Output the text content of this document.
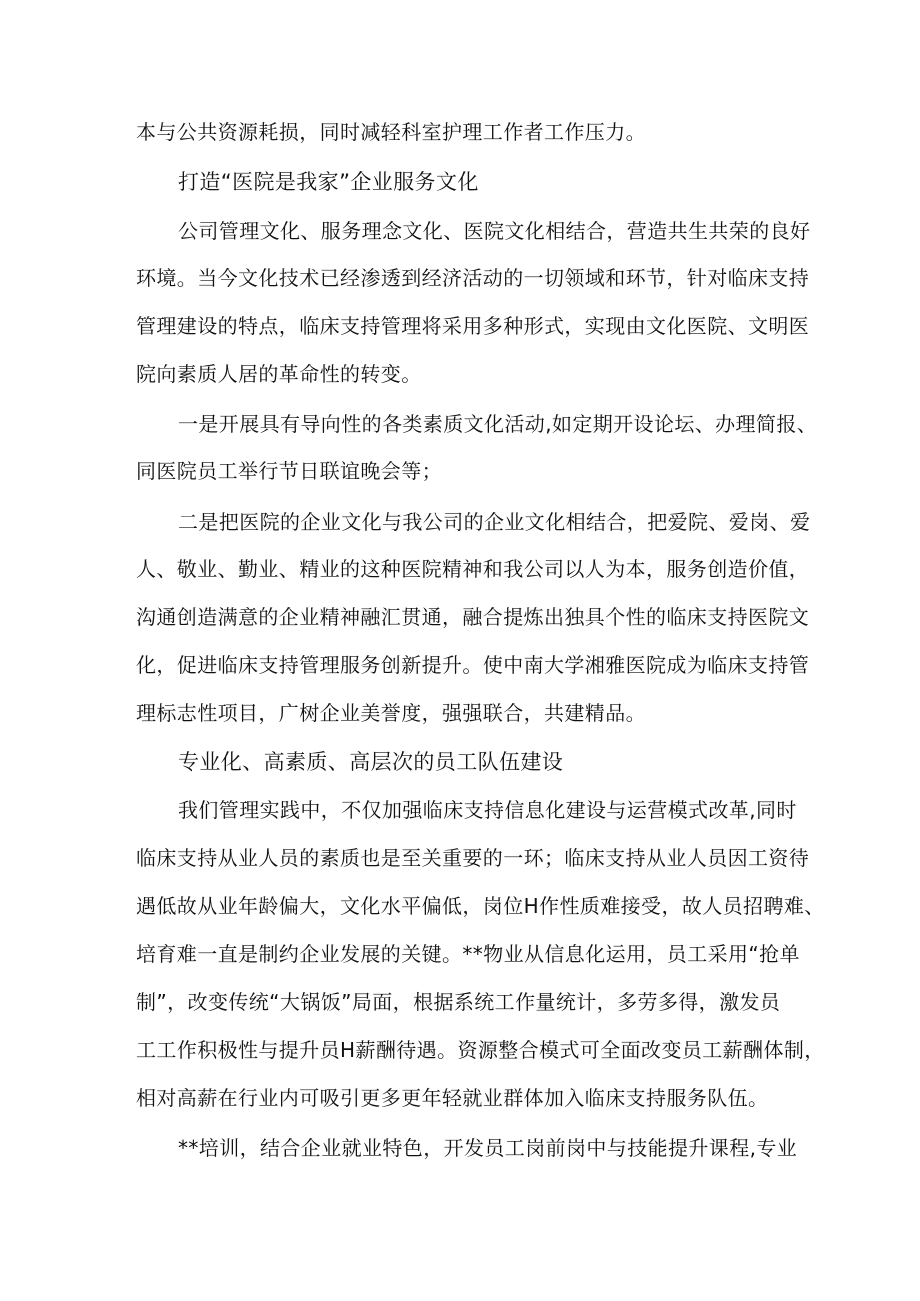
本与公共资源耗损，同时减轻科室护理工作者工作压力。
打造“医院是我家”企业服务文化
公司管理文化、服务理念文化、医院文化相结合，营造共生共荣的良好
环境。当今文化技术已经渗透到经济活动的一切领域和环节，针对临床支持
管理建设的特点，临床支持管理将采用多种形式，实现由文化医院、文明医
院向素质人居的革命性的转变。
一是开展具有导向性的各类素质文化活动,如定期开设论坛、办理简报、
同医院员工举行节日联谊晚会等；
二是把医院的企业文化与我公司的企业文化相结合，把爱院、爱岗、爱
人、敬业、勤业、精业的这种医院精神和我公司以人为本，服务创造价值，
沟通创造满意的企业精神融汇贯通，融合提炼出独具个性的临床支持医院文
化，促进临床支持管理服务创新提升。使中南大学湘雅医院成为临床支持管
理标志性项目，广树企业美誉度，强强联合，共建精品。
专业化、高素质、高层次的员工队伍建设
我们管理实践中，不仅加强临床支持信息化建设与运营模式改革,同时
临床支持从业人员的素质也是至关重要的一环；临床支持从业人员因工资待
遇低故从业年龄偏大，文化水平偏低，岗位H作性质难接受，故人员招聘难、
培育难一直是制约企业发展的关键。**物业从信息化运用，员工采用“抢单
制”，改变传统“大锅饭”局面，根据系统工作量统计，多劳多得，激发员
工工作积极性与提升员H薪酬待遇。资源整合模式可全面改变员工薪酬体制，
相对高薪在行业内可吸引更多更年轻就业群体加入临床支持服务队伍。
**培训，结合企业就业特色，开发员工岗前岗中与技能提升课程,专业
